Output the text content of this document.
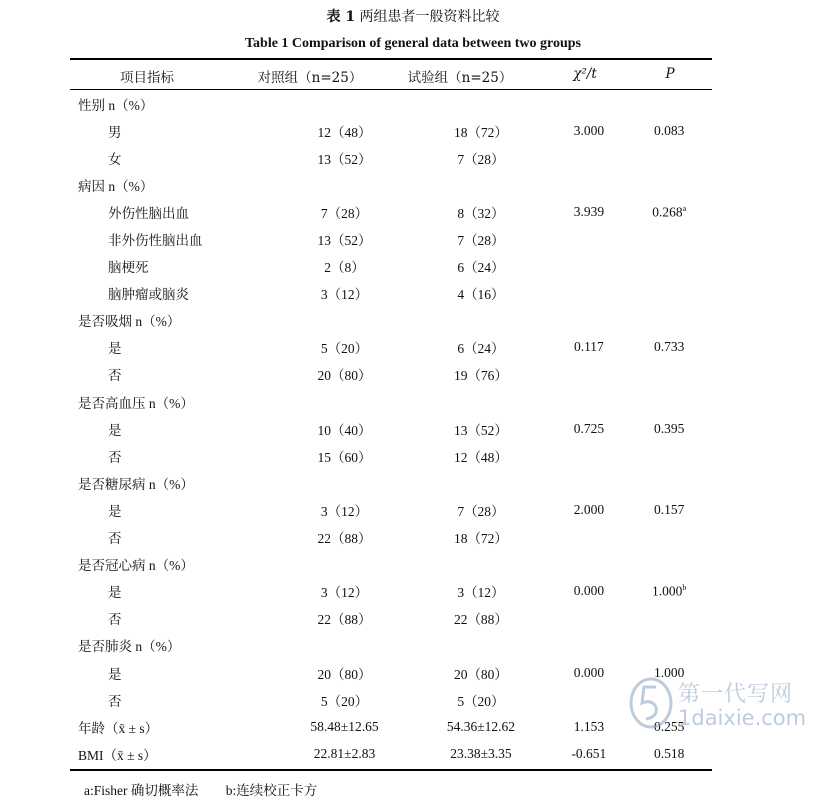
表 1 两组患者一般资料比较
Table 1 Comparison of general data between two groups
项目指标	对照组（n=25）	试验组（n=25）	χ²/t	P
性别 n（%）				
男	12（48）	18（72）	3.000	0.083
女	13（52）	7（28）		
病因 n（%）				
外伤性脑出血	7（28）	8（32）	3.939	0.268$^a$
非外伤性脑出血	13（52）	7（28）		
脑梗死	2（8）	6（24）		
脑肿瘤或脑炎	3（12）	4（16）		
是否吸烟 n（%）				
是	5（20）	6（24）	0.117	0.733
否	20（80）	19（76）		
是否高血压 n（%）				
是	10（40）	13（52）	0.725	0.395
否	15（60）	12（48）		
是否糖尿病 n（%）				
是	3（12）	7（28）	2.000	0.157
否	22（88）	18（72）		
是否冠心病 n（%）				
是	3（12）	3（12）	0.000	1.000$^b$
否	22（88）	22（88）		
是否肺炎 n（%）				
是	20（80）	20（80）	0.000	1.000
否	5（20）	5（20）		
年龄（x̄ ± s）	58.48±12.65	54.36±12.62	1.153	0.255
BMI（x̄ ± s）	22.81±2.83	23.38±3.35	-0.651	0.518
a:Fisher 确切概率法 b:连续校正卡方
第一代写网
1daixie.com
